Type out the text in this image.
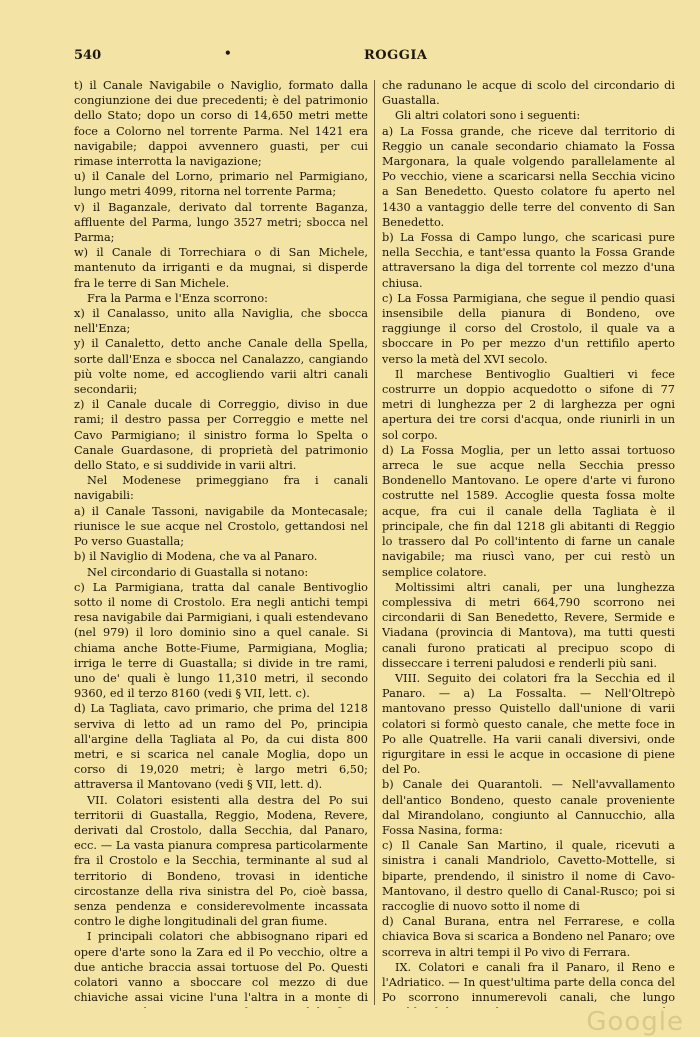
540	•	ROGGIA

t) il Canale Navigabile o Naviglio, formato dalla congiunzione dei due precedenti; è del patrimonio dello Stato; dopo un corso di 14,650 metri mette foce a Colorno nel torrente Parma. Nel 1421 era navigabile; dappoi avvennero guasti, per cui rimase interrotta la navigazione;

u) il Canale del Lorno, primario nel Parmigiano, lungo metri 4099, ritorna nel torrente Parma;

v) il Baganzale, derivato dal torrente Baganza, affluente del Parma, lungo 3527 metri; sbocca nel Parma;

w) il Canale di Torrechiara o di San Michele, mantenuto da irriganti e da mugnai, si disperde fra le terre di San Michele.

Fra la Parma e l'Enza scorrono:

x) il Canalasso, unito alla Naviglia, che sbocca nell'Enza;

y) il Canaletto, detto anche Canale della Spella, sorte dall'Enza e sbocca nel Canalazzo, cangiando più volte nome, ed accogliendo varii altri canali secondarii;

z) il Canale ducale di Correggio, diviso in due rami; il destro passa per Correggio e mette nel Cavo Parmigiano; il sinistro forma lo Spelta o Canale Guardasone, di proprietà del patrimonio dello Stato, e si suddivide in varii altri.

Nel Modenese primeggiano fra i canali navigabili:

a) il Canale Tassoni, navigabile da Montecasale; riunisce le sue acque nel Crostolo, gettandosi nel Po verso Guastalla;

b) il Naviglio di Modena, che va al Panaro.

Nel circondario di Guastalla si notano:

c) La Parmigiana, tratta dal canale Bentivoglio sotto il nome di Crostolo. Era negli antichi tempi resa navigabile dai Parmigiani, i quali estendevano (nel 979) il loro dominio sino a quel canale. Si chiama anche Botte-Fiume, Parmigiana, Moglia; irriga le terre di Guastalla; si divide in tre rami, uno de' quali è lungo 11,310 metri, il secondo 9360, ed il terzo 8160 (vedi § VII, lett. c).

d) La Tagliata, cavo primario, che prima del 1218 serviva di letto ad un ramo del Po, principia all'argine della Tagliata al Po, da cui dista 800 metri, e si scarica nel canale Moglia, dopo un corso di 19,020 metri; è largo metri 6,50; attraversa il Mantovano (vedi § VII, lett. d).

VII. Colatori esistenti alla destra del Po sui territorii di Guastalla, Reggio, Modena, Revere, derivati dal Crostolo, dalla Secchia, dal Panaro, ecc. — La vasta pianura compresa particolarmente fra il Crostolo e la Secchia, terminante al sud al territorio di Bondeno, trovasi in identiche circostanze della riva sinistra del Po, cioè bassa, senza pendenza e considerevolmente incassata contro le dighe longitudinali del gran fiume.

I principali colatori che abbisognano ripari ed opere d'arte sono la Zara ed il Po vecchio, oltre a due antiche braccia assai tortuose del Po. Questi colatori vanno a sboccare col mezzo di due chiaviche assai vicine l'una l'altra in a monte di

che radunano le acque di scolo del circondario di Guastalla.

Gli altri colatori sono i seguenti:

a) La Fossa grande, che riceve dal territorio di Reggio un canale secondario chiamato la Fossa Margonara, la quale volgendo parallelamente al Po vecchio, viene a scaricarsi nella Secchia vicino a San Benedetto. Questo colatore fu aperto nel 1430 a vantaggio delle terre del convento di San Benedetto.

b) La Fossa di Campo lungo, che scaricasi pure nella Secchia, e tant'essa quanto la Fossa Grande attraversano la diga del torrente col mezzo d'una chiusa.

c) La Fossa Parmigiana, che segue il pendio quasi insensibile della pianura di Bondeno, ove raggiunge il corso del Crostolo, il quale va a sboccare in Po per mezzo d'un rettifilo aperto verso la metà del XVI secolo.

Il marchese Bentivoglio Gualtieri vi fece costrurre un doppio acquedotto o sifone di 77 metri di lunghezza per 2 di larghezza per ogni apertura dei tre corsi d'acqua, onde riunirli in un sol corpo.

d) La Fossa Moglia, per un letto assai tortuoso arreca le sue acque nella Secchia presso Bondenello Mantovano. Le opere d'arte vi furono costrutte nel 1589. Accoglie questa fossa molte acque, fra cui il canale della Tagliata è il principale, che fin dal 1218 gli abitanti di Reggio lo trassero dal Po coll'intento di farne un canale navigabile; ma riuscì vano, per cui restò un semplice colatore.

Moltissimi altri canali, per una lunghezza complessiva di metri 664,790 scorrono nei circondarii di San Benedetto, Revere, Sermide e Viadana (provincia di Mantova), ma tutti questi canali furono praticati al precipuo scopo di disseccare i terreni paludosi e renderli più sani.

VIII. Seguito dei colatori fra la Secchia ed il Panaro. — a) La Fossalta. — Nell'Oltrepò mantovano presso Quistello dall'unione di varii colatori si formò questo canale, che mette foce in Po alle Quatrelle. Ha varii canali diversivi, onde rigurgitare in essi le acque in occasione di piene del Po.

b) Canale dei Quarantoli. — Nell'avvallamento dell'antico Bondeno, questo canale proveniente dal Mirandolano, congiunto al Cannucchio, alla Fossa Nasina, forma:

c) Il Canale San Martino, il quale, ricevuti a sinistra i canali Mandriolo, Cavetto-Mottelle, si biparte, prendendo, il sinistro il nome di Cavo-Mantovano, il destro quello di Canal-Rusco; poi si raccoglie di nuovo sotto il nome di

d) Canal Burana, entra nel Ferrarese, e colla chiavica Bova si scarica a Bondeno nel Panaro; ove scorreva in altri tempi il Po vivo di Ferrara.

IX. Colatori e canali fra il Panaro, il Reno e l'Adriatico. — In quest'ultima parte della conca del Po scorrono innumerevoli canali, che lungo

Google
